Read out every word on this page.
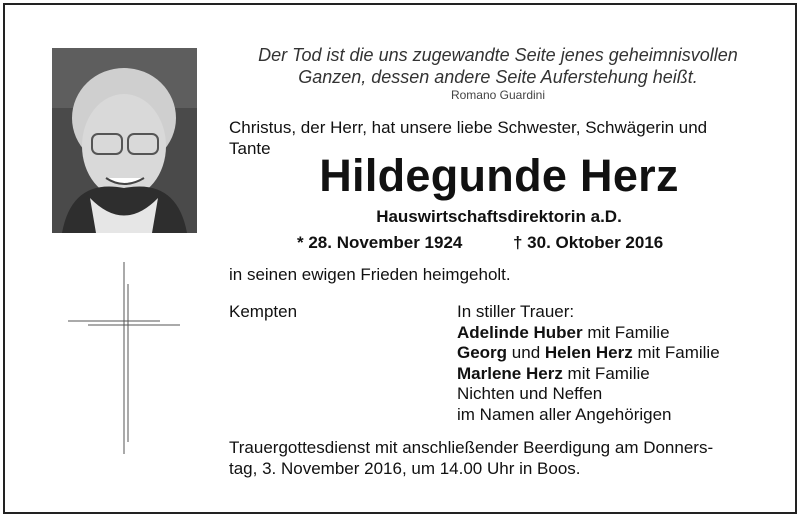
Der Tod ist die uns zugewandte Seite jenes geheimnisvollen
Ganzen, dessen andere Seite Auferstehung heißt.
Romano Guardini
Christus, der Herr, hat unsere liebe Schwester, Schwägerin und
Tante
Hildegunde Herz
Hauswirtschaftsdirektorin a.D.
* 28. November 1924	† 30. Oktober 2016
in seinen ewigen Frieden heimgeholt.
Kempten	In stiller Trauer:
Adelinde Huber mit Familie
Georg und Helen Herz mit Familie
Marlene Herz mit Familie
Nichten und Neffen
im Namen aller Angehörigen
Trauergottesdienst mit anschließender Beerdigung am Donners-
tag, 3. November 2016, um 14.00 Uhr in Boos.
